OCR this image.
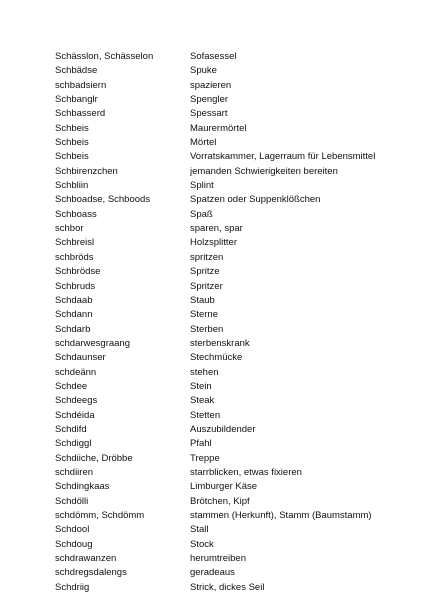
Schässlon, Schässelon	Sofasessel
Schbädse	Spuke
schbadsiern	spazieren
Schbanglr	Spengler
Schbasserd	Spessart
Schbeis	Maurermörtel
Schbeis	Mörtel
Schbeis	Vorratskammer, Lagerraum für Lebensmittel
Schbirenzchen	jemanden Schwierigkeiten bereiten
Schbliin	Splint
Schboadse, Schboods	Spatzen oder Suppenklößchen
Schboass	Spaß
schbor	sparen, spar
Schbreisl	Holzsplitter
schbröds	spritzen
Schbrödse	Spritze
Schbruds	Spritzer
Schdaab	Staub
Schdann	Sterne
Schdarb	Sterben
schdarwesgraang	sterbenskrank
Schdaunser	Stechmücke
schdeänn	stehen
Schdee	Stein
Schdeegs	Steak
Schdéida	Stetten
Schdifd	Auszubildender
Schdiggl	Pfahl
Schdiiche, Dröbbe	Treppe
schdiiren	starrblicken, etwas fixieren
Schdingkaas	Limburger Käse
Schdölli	Brötchen, Kipf
schdömm, Schdömm	stammen (Herkunft), Stamm (Baumstamm)
Schdool	Stall
Schdoug	Stock
schdrawanzen	herumtreiben
schdregsdalengs	geradeaus
Schdriig	Strick, dickes Seil
